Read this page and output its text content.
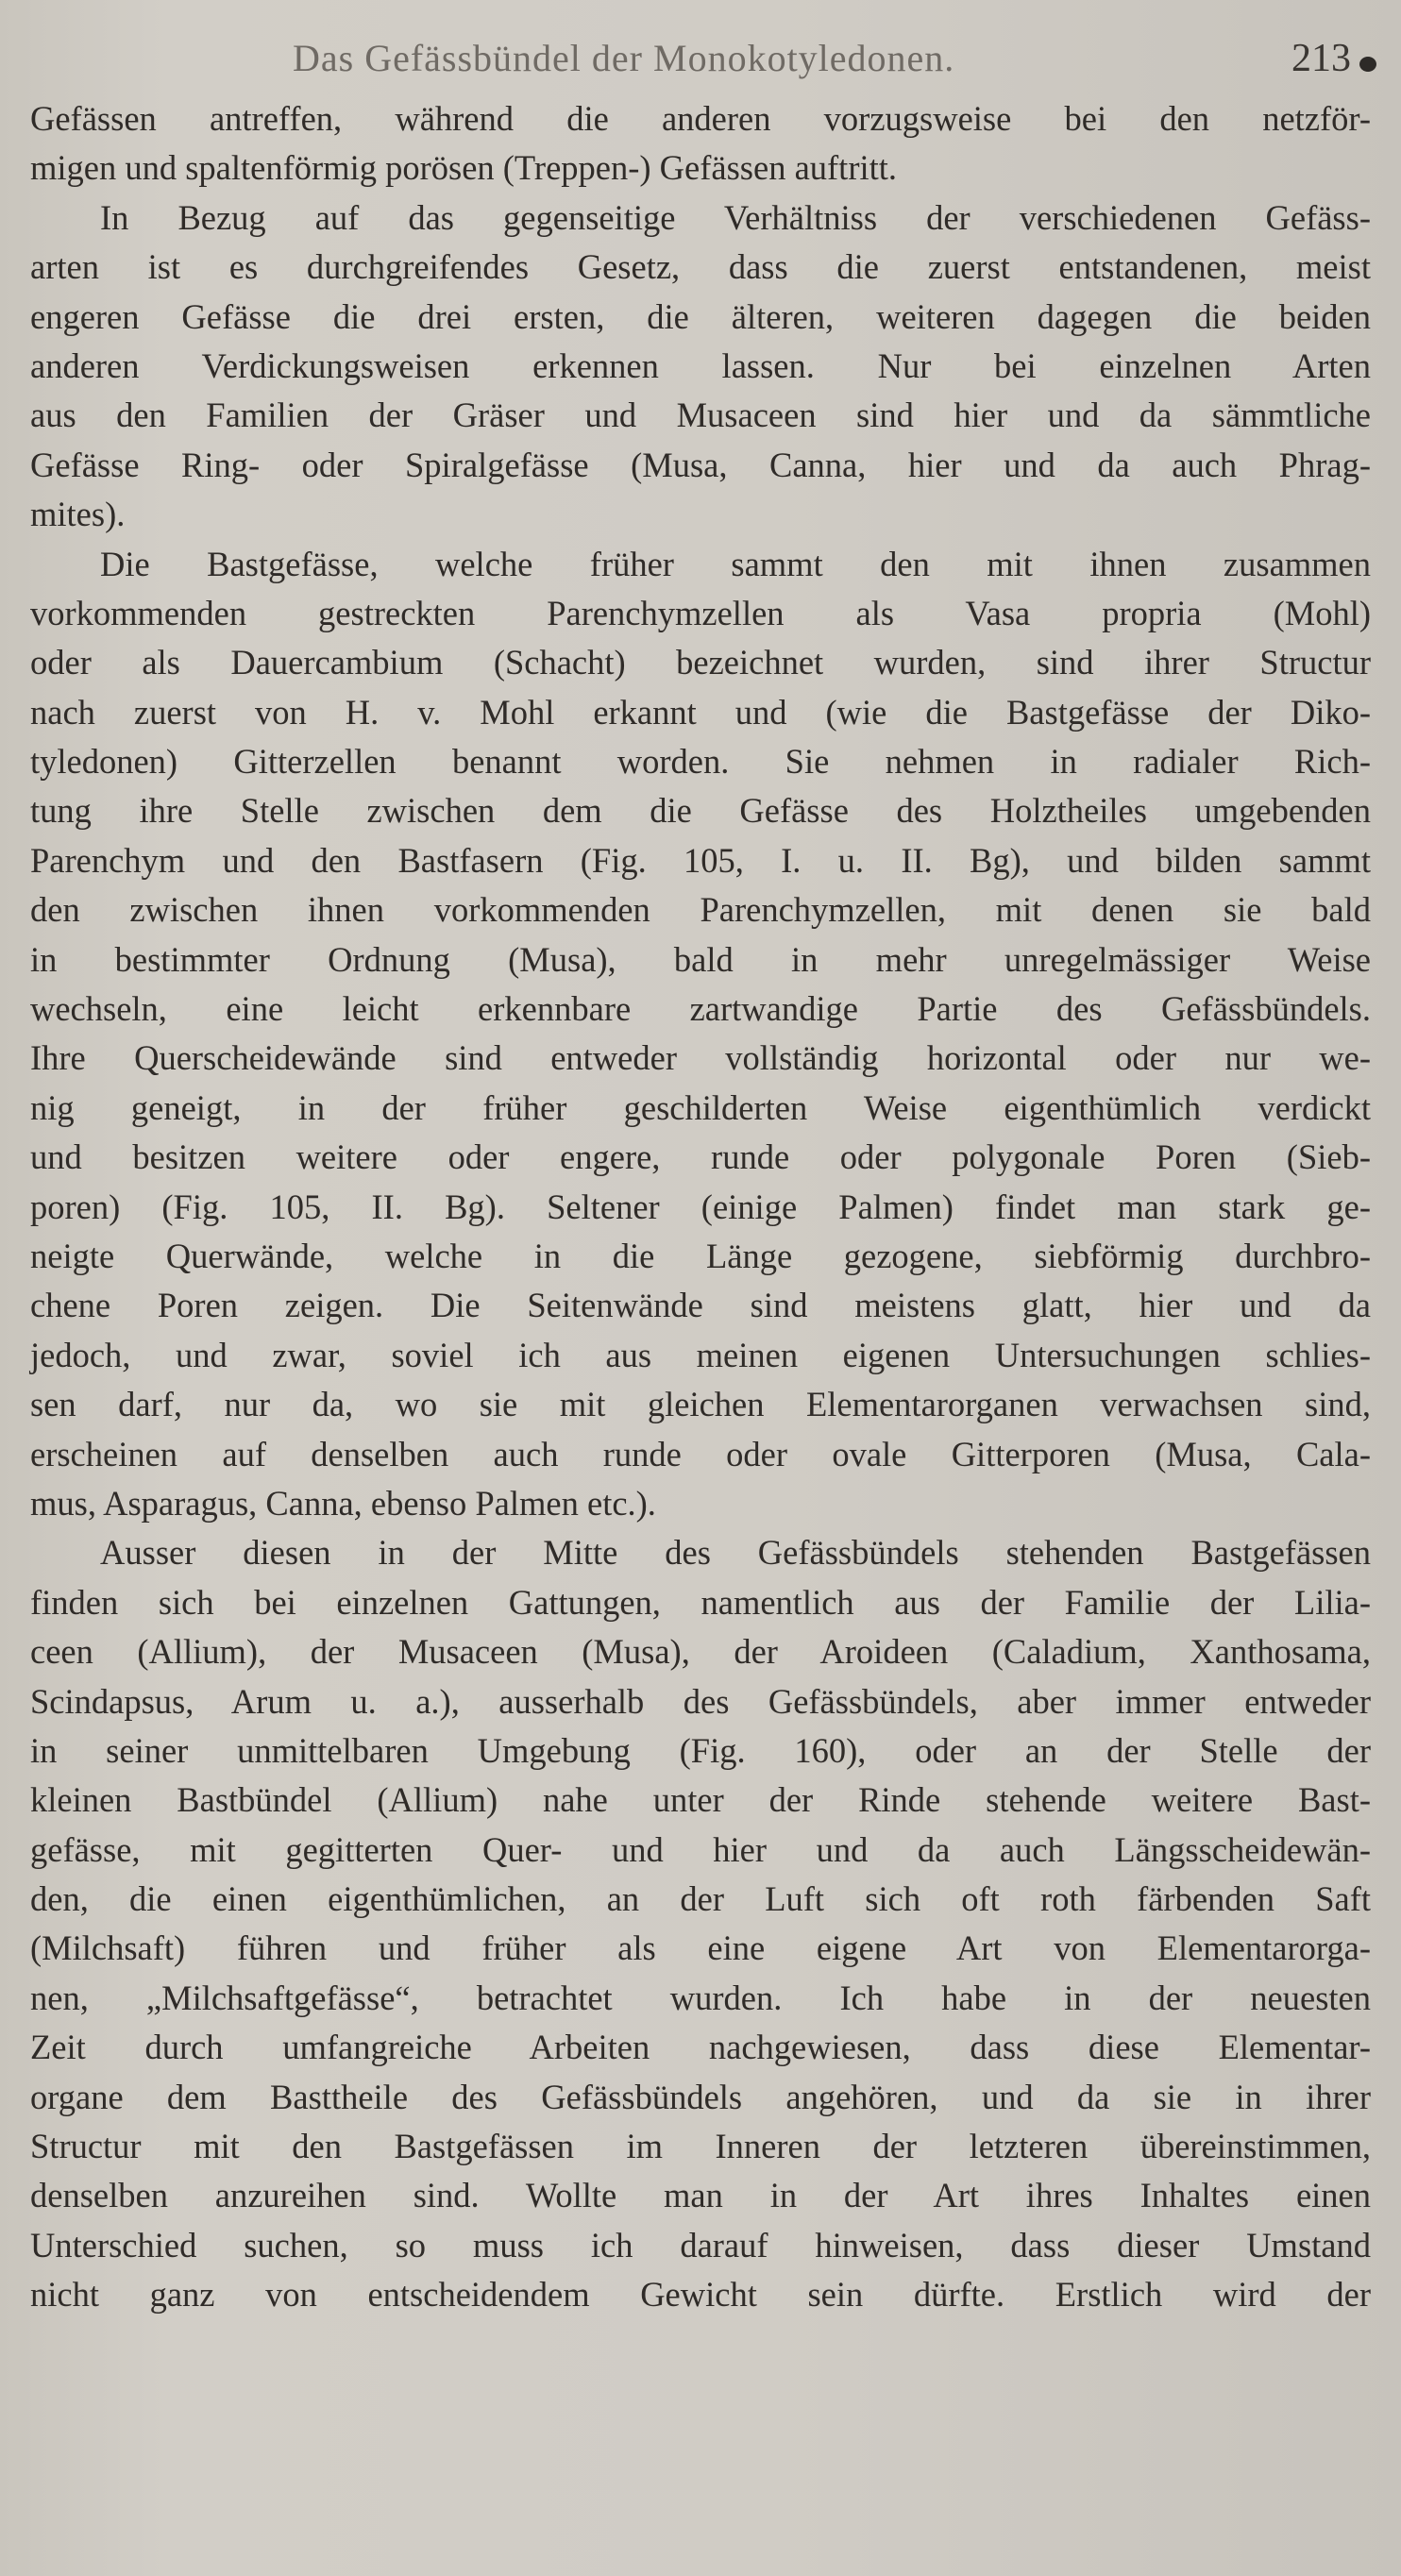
Das Gefässbündel der Monokotyledonen.	213
Gefässen antreffen, während die anderen vorzugsweise bei den netzför-
migen und spaltenförmig porösen (Treppen-) Gefässen auftritt.
In Bezug auf das gegenseitige Verhältniss der verschiedenen Gefäss-
arten ist es durchgreifendes Gesetz, dass die zuerst entstandenen, meist
engeren Gefässe die drei ersten, die älteren, weiteren dagegen die beiden
anderen Verdickungsweisen erkennen lassen. Nur bei einzelnen Arten
aus den Familien der Gräser und Musaceen sind hier und da sämmtliche
Gefässe Ring- oder Spiralgefässe (Musa, Canna, hier und da auch Phrag-
mites).
Die Bastgefässe, welche früher sammt den mit ihnen zusammen
vorkommenden gestreckten Parenchymzellen als Vasa propria (Mohl)
oder als Dauercambium (Schacht) bezeichnet wurden, sind ihrer Structur
nach zuerst von H. v. Mohl erkannt und (wie die Bastgefässe der Diko-
tyledonen) Gitterzellen benannt worden. Sie nehmen in radialer Rich-
tung ihre Stelle zwischen dem die Gefässe des Holztheiles umgebenden
Parenchym und den Bastfasern (Fig. 105, I. u. II. Bg), und bilden sammt
den zwischen ihnen vorkommenden Parenchymzellen, mit denen sie bald
in bestimmter Ordnung (Musa), bald in mehr unregelmässiger Weise
wechseln, eine leicht erkennbare zartwandige Partie des Gefässbündels.
Ihre Querscheidewände sind entweder vollständig horizontal oder nur we-
nig geneigt, in der früher geschilderten Weise eigenthümlich verdickt
und besitzen weitere oder engere, runde oder polygonale Poren (Sieb-
poren) (Fig. 105, II. Bg). Seltener (einige Palmen) findet man stark ge-
neigte Querwände, welche in die Länge gezogene, siebförmig durchbro-
chene Poren zeigen. Die Seitenwände sind meistens glatt, hier und da
jedoch, und zwar, soviel ich aus meinen eigenen Untersuchungen schlies-
sen darf, nur da, wo sie mit gleichen Elementarorganen verwachsen sind,
erscheinen auf denselben auch runde oder ovale Gitterporen (Musa, Cala-
mus, Asparagus, Canna, ebenso Palmen etc.).
Ausser diesen in der Mitte des Gefässbündels stehenden Bastgefässen
finden sich bei einzelnen Gattungen, namentlich aus der Familie der Lilia-
ceen (Allium), der Musaceen (Musa), der Aroideen (Caladium, Xanthosama,
Scindapsus, Arum u. a.), ausserhalb des Gefässbündels, aber immer entweder
in seiner unmittelbaren Umgebung (Fig. 160), oder an der Stelle der
kleinen Bastbündel (Allium) nahe unter der Rinde stehende weitere Bast-
gefässe, mit gegitterten Quer- und hier und da auch Längsscheidewän-
den, die einen eigenthümlichen, an der Luft sich oft roth färbenden Saft
(Milchsaft) führen und früher als eine eigene Art von Elementarorga-
nen, „Milchsaftgefässe“, betrachtet wurden. Ich habe in der neuesten
Zeit durch umfangreiche Arbeiten nachgewiesen, dass diese Elementar-
organe dem Basttheile des Gefässbündels angehören, und da sie in ihrer
Structur mit den Bastgefässen im Inneren der letzteren übereinstimmen,
denselben anzureihen sind. Wollte man in der Art ihres Inhaltes einen
Unterschied suchen, so muss ich darauf hinweisen, dass dieser Umstand
nicht ganz von entscheidendem Gewicht sein dürfte. Erstlich wird der
